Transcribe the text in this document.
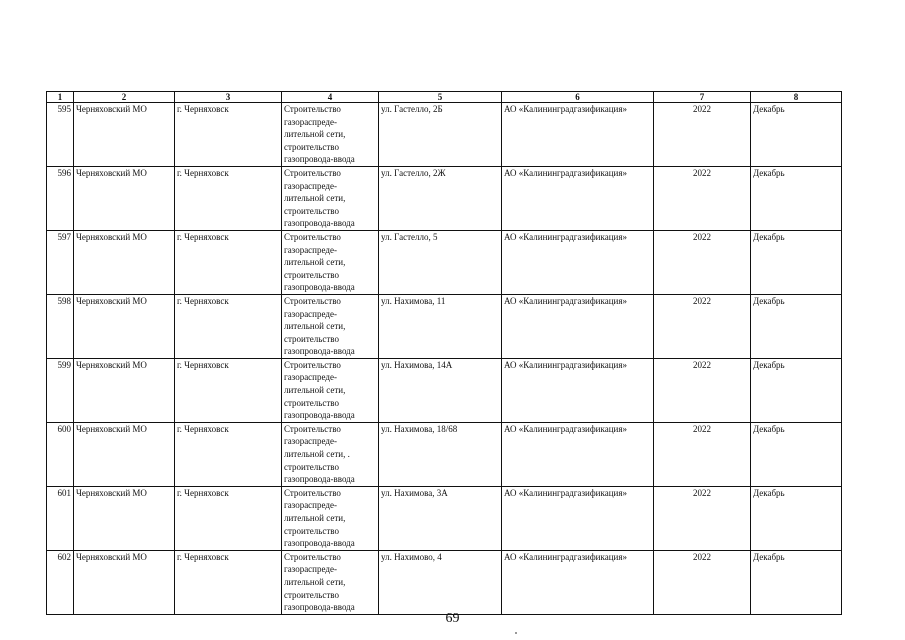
1	2	3	4	5	6	7	8
595	Черняховский МО	г. Черняховск	Строительство
газораспреде-
лительной сети,
строительство
газопровода-ввода	ул. Гастелло, 2Б	АО «Калининградгазификация»	2022	Декабрь
596	Черняховский МО	г. Черняховск	Строительство
газораспреде-
лительной сети,
строительство
газопровода-ввода	ул. Гастелло, 2Ж	АО «Калининградгазификация»	2022	Декабрь
597	Черняховский МО	г. Черняховск	Строительство
газораспреде-
лительной сети,
строительство
газопровода-ввода	ул. Гастелло, 5	АО «Калининградгазификация»	2022	Декабрь
598	Черняховский МО	г. Черняховск	Строительство
газораспреде-
лительной сети,
строительство
газопровода-ввода	ул. Нахимова, 11	АО «Калининградгазификация»	2022	Декабрь
599	Черняховский МО	г. Черняховск	Строительство
газораспреде-
лительной сети,
строительство
газопровода-ввода	ул. Нахимова, 14А	АО «Калининградгазификация»	2022	Декабрь
600	Черняховский МО	г. Черняховск	Строительство
газораспреде-
лительной сети, .
строительство
газопровода-ввода	ул. Нахимова, 18/68	АО «Калининградгазификация»	2022	Декабрь
601	Черняховский МО	г. Черняховск	Строительство
газораспреде-
лительной сети,
строительство
газопровода-ввода	ул. Нахимова, 3А	АО «Калининградгазификация»	2022	Декабрь
602	Черняховский МО	г. Черняховск	Строительство
газораспреде-
лительной сети,
строительство
газопровода-ввода	ул. Нахимово, 4	АО «Калининградгазификация»	2022	Декабрь
69
